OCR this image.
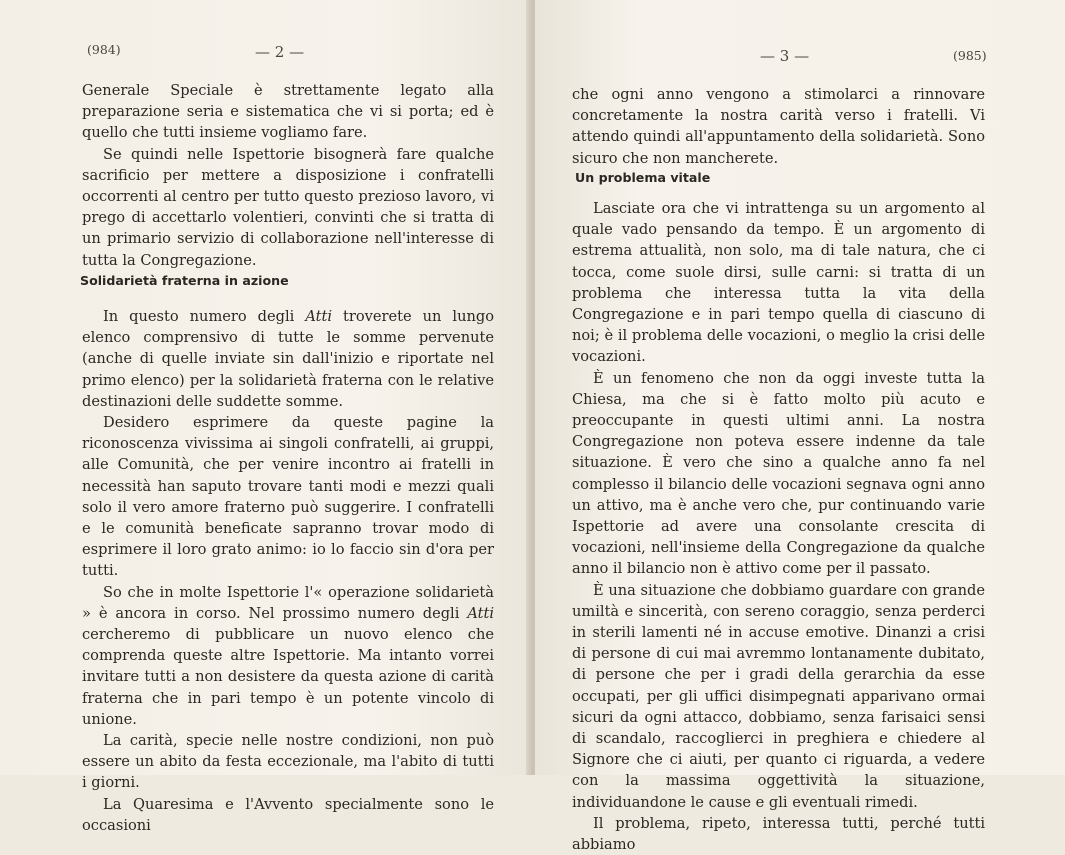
(984)	— 2 —

Generale Speciale è strettamente legato alla preparazione seria e sistematica che vi si porta; ed è quello che tutti insieme vogliamo fare.

Se quindi nelle Ispettorie bisognerà fare qualche sacrificio per mettere a disposizione i confratelli occorrenti al centro per tutto questo prezioso lavoro, vi prego di accettarlo volentieri, convinti che si tratta di un primario servizio di collaborazione nell'interesse di tutta la Congregazione.

Solidarietà fraterna in azione

In questo numero degli Atti troverete un lungo elenco comprensivo di tutte le somme pervenute (anche di quelle inviate sin dall'inizio e riportate nel primo elenco) per la solidarietà fraterna con le relative destinazioni delle suddette somme.

Desidero esprimere da queste pagine la riconoscenza vivissima ai singoli confratelli, ai gruppi, alle Comunità, che per venire incontro ai fratelli in necessità han saputo trovare tanti modi e mezzi quali solo il vero amore fraterno può suggerire. I confratelli e le comunità beneficate sapranno trovar modo di esprimere il loro grato animo: io lo faccio sin d'ora per tutti.

So che in molte Ispettorie l'« operazione solidarietà » è ancora in corso. Nel prossimo numero degli Atti cercheremo di pubblicare un nuovo elenco che comprenda queste altre Ispettorie. Ma intanto vorrei invitare tutti a non desistere da questa azione di carità fraterna che in pari tempo è un potente vincolo di unione.

La carità, specie nelle nostre condizioni, non può essere un abito da festa eccezionale, ma l'abito di tutti i giorni.

La Quaresima e l'Avvento specialmente sono le occasioni

— 3 —	(985)

che ogni anno vengono a stimolarci a rinnovare concretamente la nostra carità verso i fratelli. Vi attendo quindi all'appuntamento della solidarietà. Sono sicuro che non mancherete.

Un problema vitale

Lasciate ora che vi intrattenga su un argomento al quale vado pensando da tempo. È un argomento di estrema attualità, non solo, ma di tale natura, che ci tocca, come suole dirsi, sulle carni: si tratta di un problema che interessa tutta la vita della Congregazione e in pari tempo quella di ciascuno di noi; è il problema delle vocazioni, o meglio la crisi delle vocazioni.

È un fenomeno che non da oggi investe tutta la Chiesa, ma che si è fatto molto più acuto e preoccupante in questi ultimi anni. La nostra Congregazione non poteva essere indenne da tale situazione. È vero che sino a qualche anno fa nel complesso il bilancio delle vocazioni segnava ogni anno un attivo, ma è anche vero che, pur continuando varie Ispettorie ad avere una consolante crescita di vocazioni, nell'insieme della Congregazione da qualche anno il bilancio non è attivo come per il passato.

È una situazione che dobbiamo guardare con grande umiltà e sincerità, con sereno coraggio, senza perderci in sterili lamenti né in accuse emotive. Dinanzi a crisi di persone di cui mai avremmo lontanamente dubitato, di persone che per i gradi della gerarchia da esse occupati, per gli uffici disimpegnati apparivano ormai sicuri da ogni attacco, dobbiamo, senza farisaici sensi di scandalo, raccoglierci in preghiera e chiedere al Signore che ci aiuti, per quanto ci riguarda, a vedere con la massima oggettività la situazione, individuandone le cause e gli eventuali rimedi.

Il problema, ripeto, interessa tutti, perché tutti abbiamo
